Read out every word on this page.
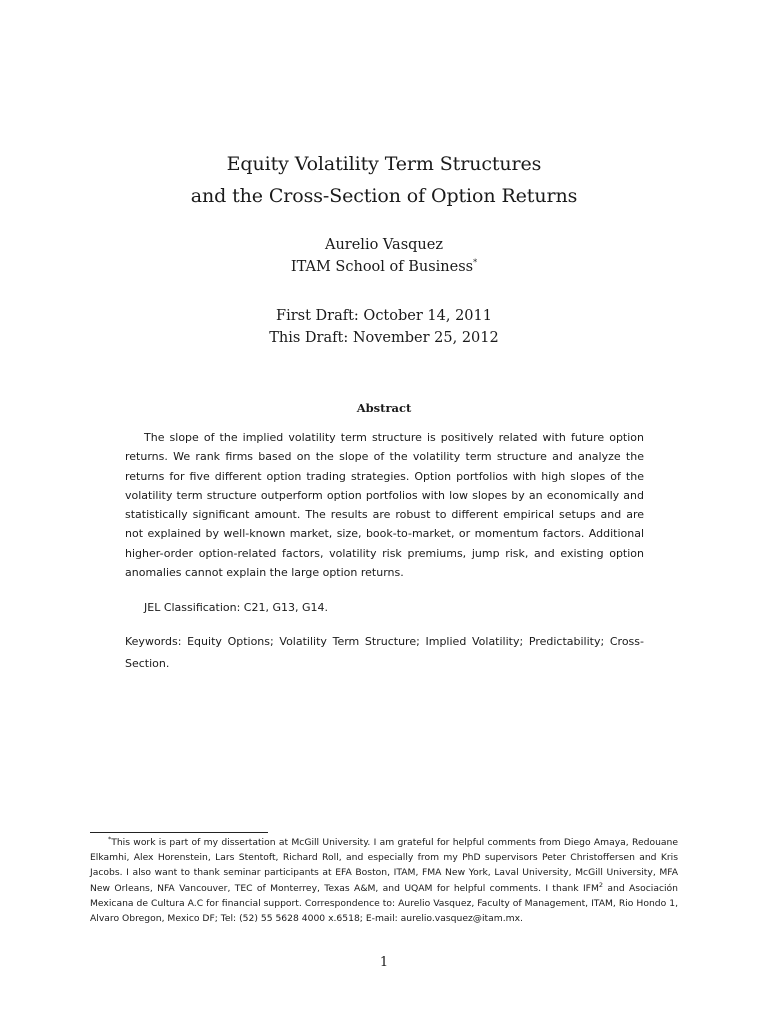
Equity Volatility Term Structures
and the Cross-Section of Option Returns
Aurelio Vasquez
ITAM School of Business*
First Draft: October 14, 2011
This Draft: November 25, 2012
Abstract

The slope of the implied volatility term structure is positively related with future option returns. We rank firms based on the slope of the volatility term structure and analyze the returns for five different option trading strategies. Option portfolios with high slopes of the volatility term structure outperform option portfolios with low slopes by an economically and statistically significant amount. The results are robust to different empirical setups and are not explained by well-known market, size, book-to-market, or momentum factors. Additional higher-order option-related factors, volatility risk premiums, jump risk, and existing option anomalies cannot explain the large option returns.

JEL Classification: C21, G13, G14.

Keywords: Equity Options; Volatility Term Structure; Implied Volatility; Predictability; Cross-Section.

*This work is part of my dissertation at McGill University. I am grateful for helpful comments from Diego Amaya, Redouane Elkamhi, Alex Horenstein, Lars Stentoft, Richard Roll, and especially from my PhD supervisors Peter Christoffersen and Kris Jacobs. I also want to thank seminar participants at EFA Boston, ITAM, FMA New York, Laval University, McGill University, MFA New Orleans, NFA Vancouver, TEC of Monterrey, Texas A&M, and UQAM for helpful comments. I thank IFM$^2$ and Asociación Mexicana de Cultura A.C for financial support. Correspondence to: Aurelio Vasquez, Faculty of Management, ITAM, Rio Hondo 1, Alvaro Obregon, Mexico DF; Tel: (52) 55 5628 4000 x.6518; E-mail: aurelio.vasquez@itam.mx.

1
